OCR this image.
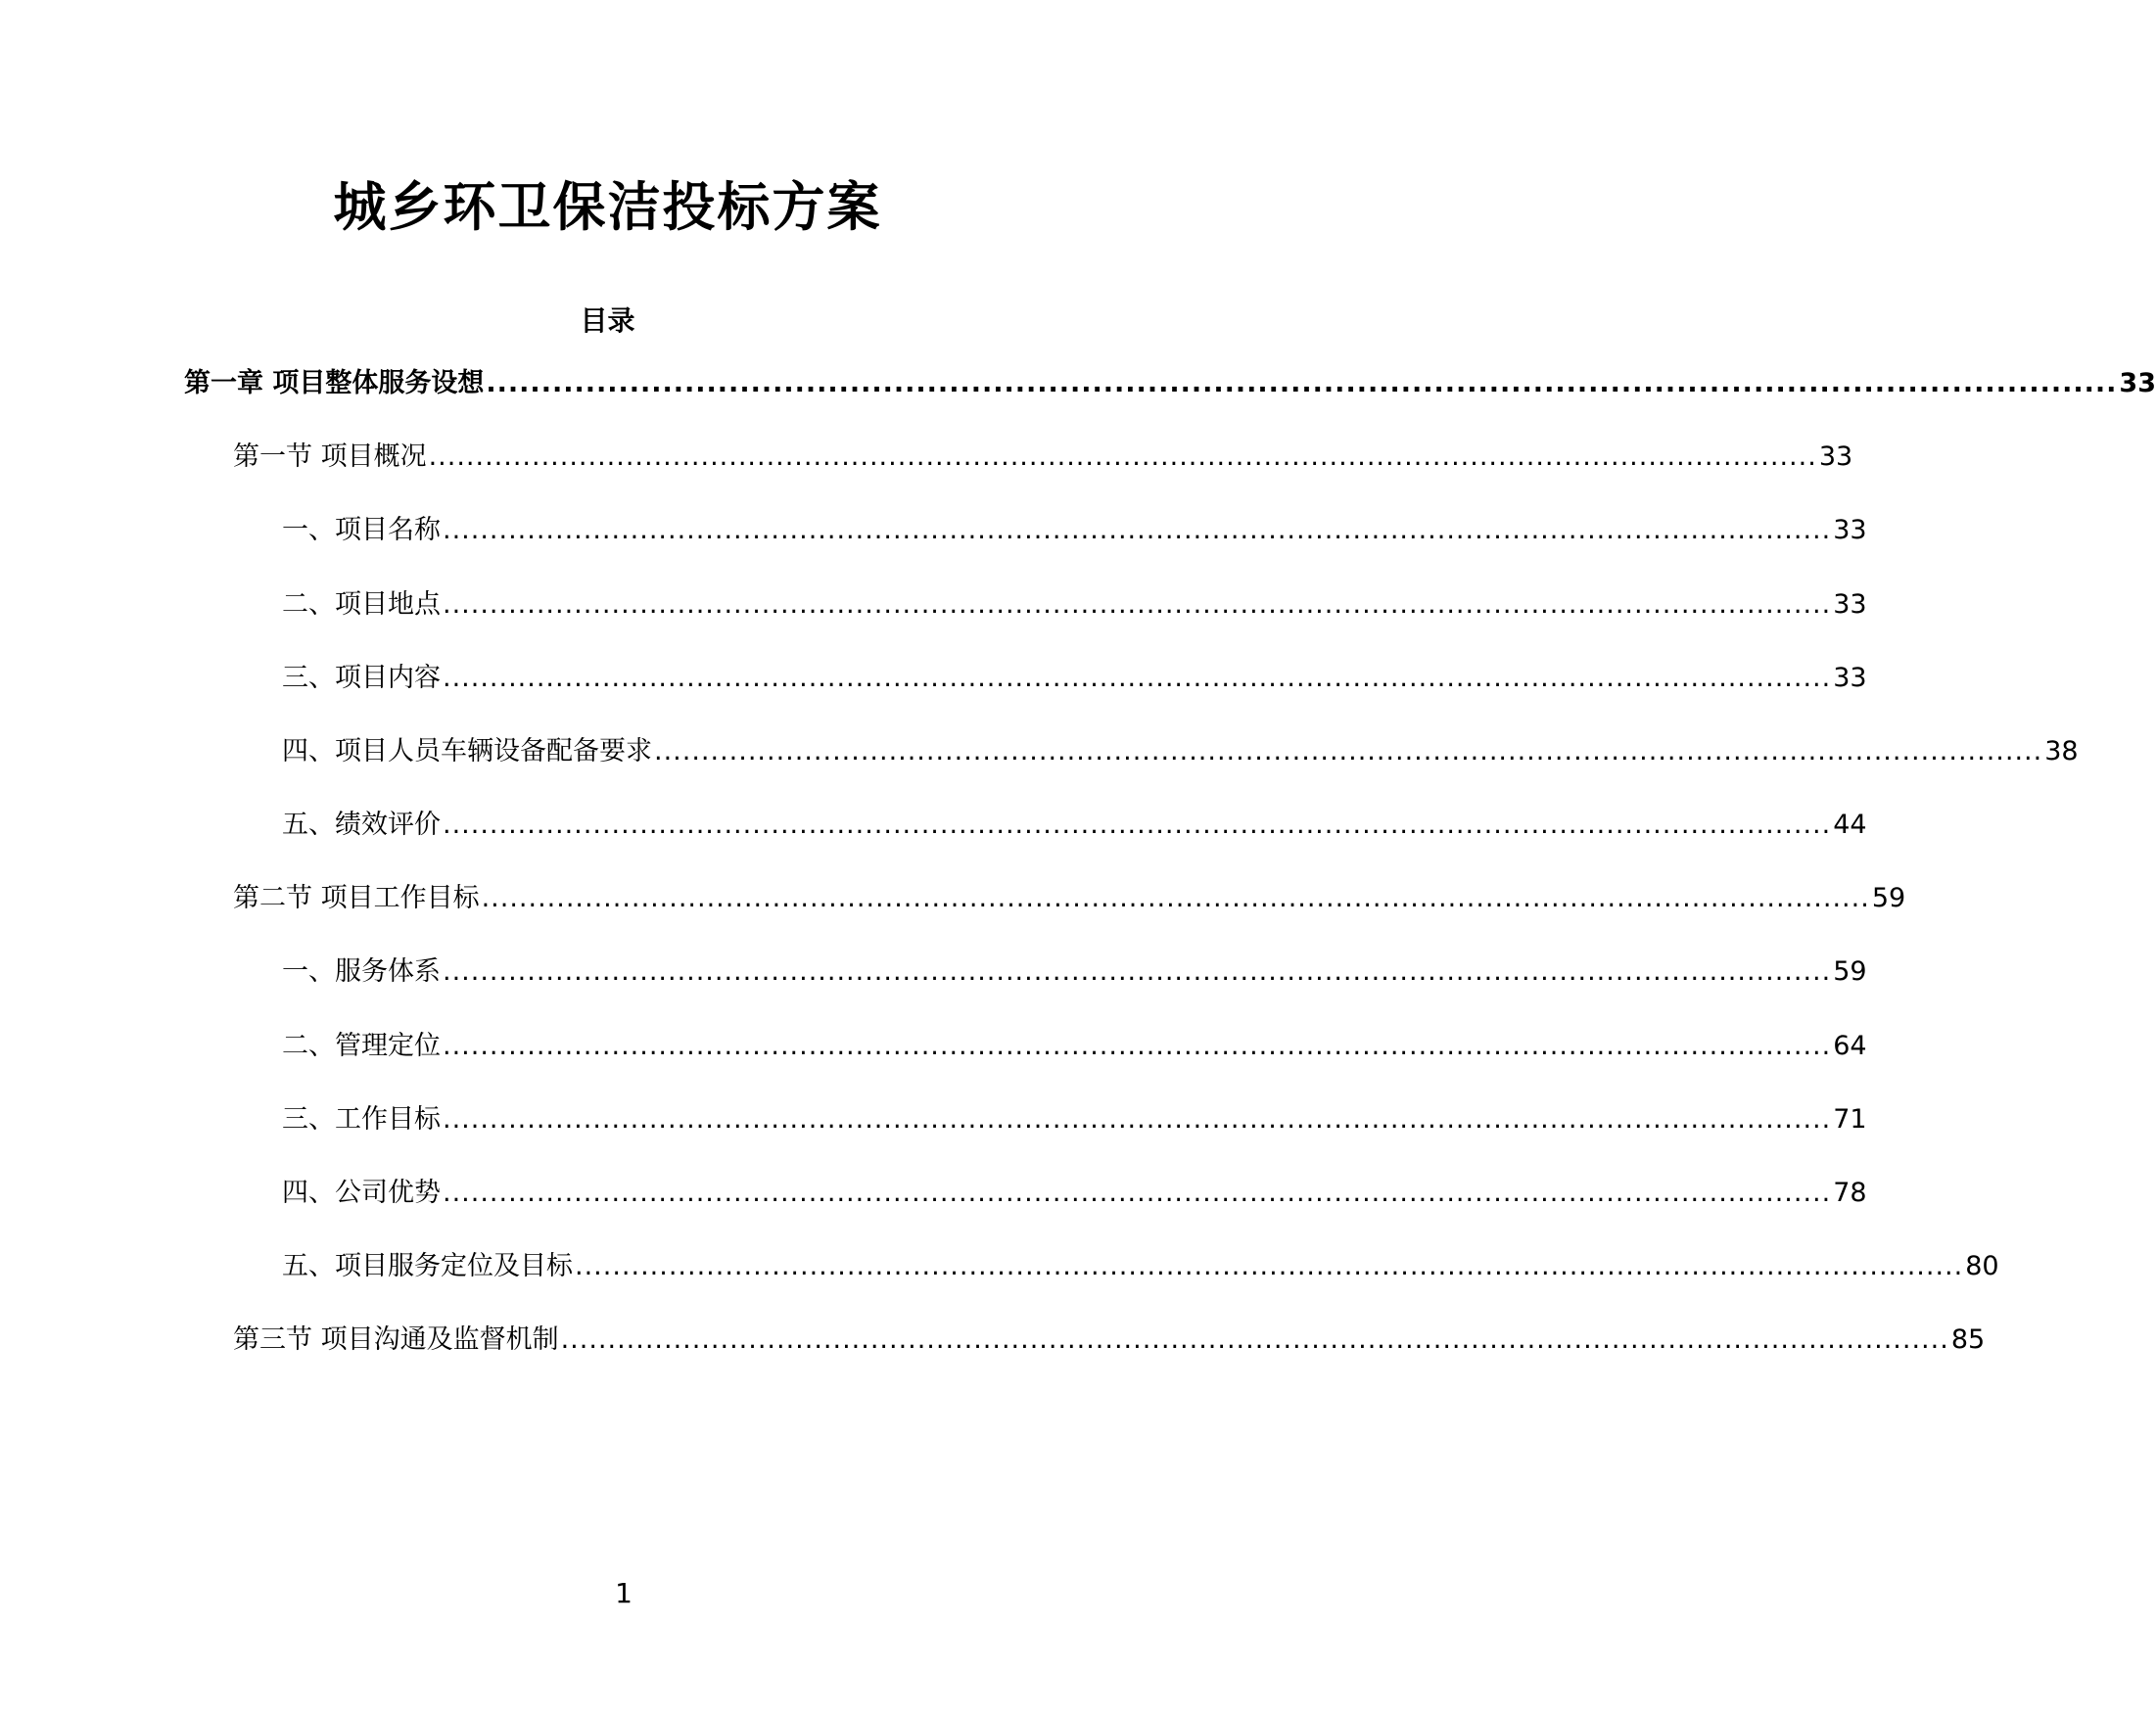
城乡环卫保洁投标方案
目录
第一章 项目整体服务设想 .................................................................................................................................................... 33
第一节 项目概况 .................................................................................................................................................... 33
一、项目名称 .................................................................................................................................................... 33
二、项目地点 .................................................................................................................................................... 33
三、项目内容 .................................................................................................................................................... 33
四、项目人员车辆设备配备要求 .................................................................................................................................................... 38
五、绩效评价 .................................................................................................................................................... 44
第二节 项目工作目标 .................................................................................................................................................... 59
一、服务体系 .................................................................................................................................................... 59
二、管理定位 .................................................................................................................................................... 64
三、工作目标 .................................................................................................................................................... 71
四、公司优势 .................................................................................................................................................... 78
五、项目服务定位及目标 .................................................................................................................................................... 80
第三节 项目沟通及监督机制 .................................................................................................................................................... 85
1
